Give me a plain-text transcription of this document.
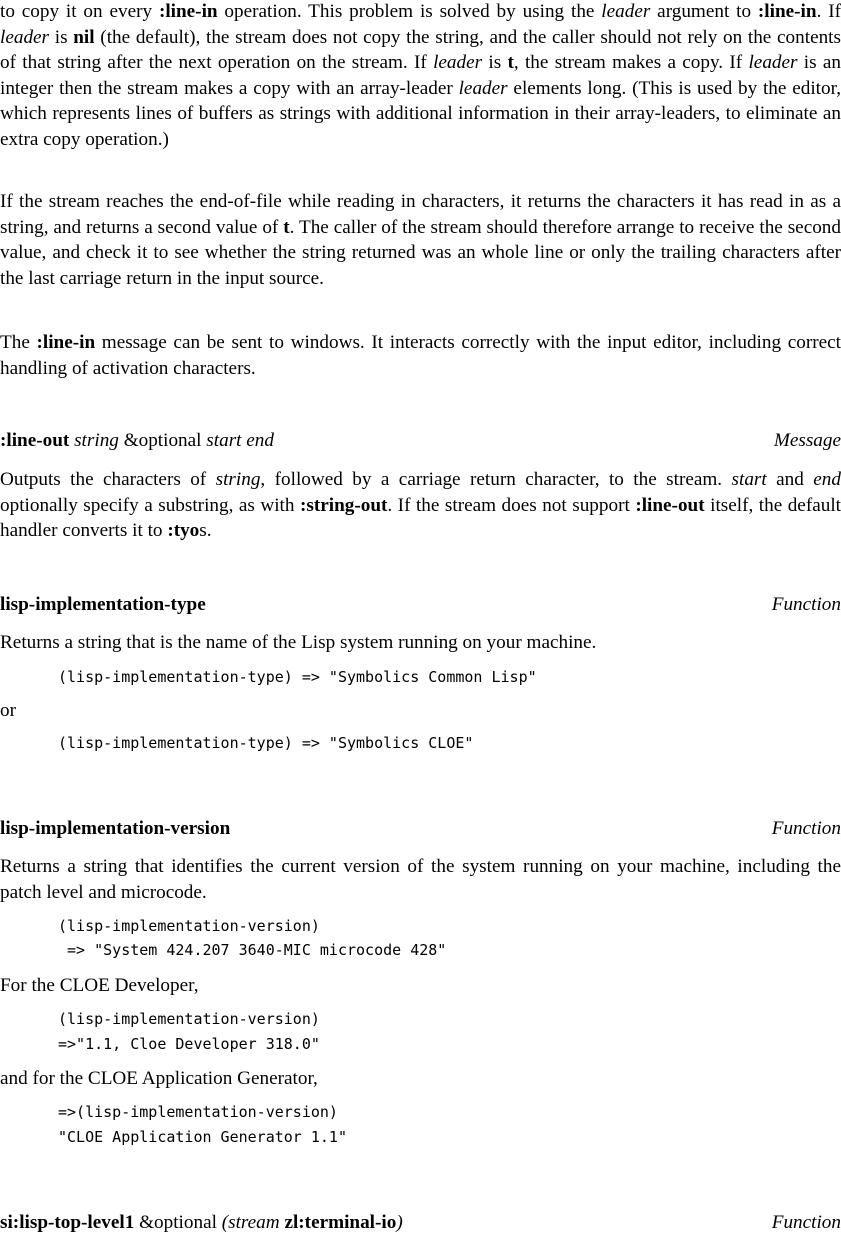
to copy it on every :line-in operation. This problem is solved by using the leader argument to :line-in. If leader is nil (the default), the stream does not copy the string, and the caller should not rely on the contents of that string after the next operation on the stream. If leader is t, the stream makes a copy. If leader is an integer then the stream makes a copy with an array-leader leader elements long. (This is used by the editor, which represents lines of buffers as strings with additional information in their array-leaders, to eliminate an extra copy operation.)

If the stream reaches the end-of-file while reading in characters, it returns the characters it has read in as a string, and returns a second value of t. The caller of the stream should therefore arrange to receive the second value, and check it to see whether the string returned was an whole line or only the trailing characters after the last carriage return in the input source.

The :line-in message can be sent to windows. It interacts correctly with the input editor, including correct handling of activation characters.

:line-out string &optional start end	Message

Outputs the characters of string, followed by a carriage return character, to the stream. start and end optionally specify a substring, as with :string-out. If the stream does not support :line-out itself, the default handler converts it to :tyos.

lisp-implementation-type	Function

Returns a string that is the name of the Lisp system running on your machine.

(lisp-implementation-type) => "Symbolics Common Lisp"

or

(lisp-implementation-type) => "Symbolics CLOE"
lisp-implementation-version	Function

Returns a string that identifies the current version of the system running on your machine, including the patch level and microcode.

(lisp-implementation-version)
=> "System 424.207 3640-MIC microcode 428"

For the CLOE Developer,

(lisp-implementation-version)
=>"1.1, Cloe Developer 318.0"

and for the CLOE Application Generator,

=>(lisp-implementation-version)
"CLOE Application Generator 1.1"
si:lisp-top-level1 &optional (stream zl:terminal-io)	Function
